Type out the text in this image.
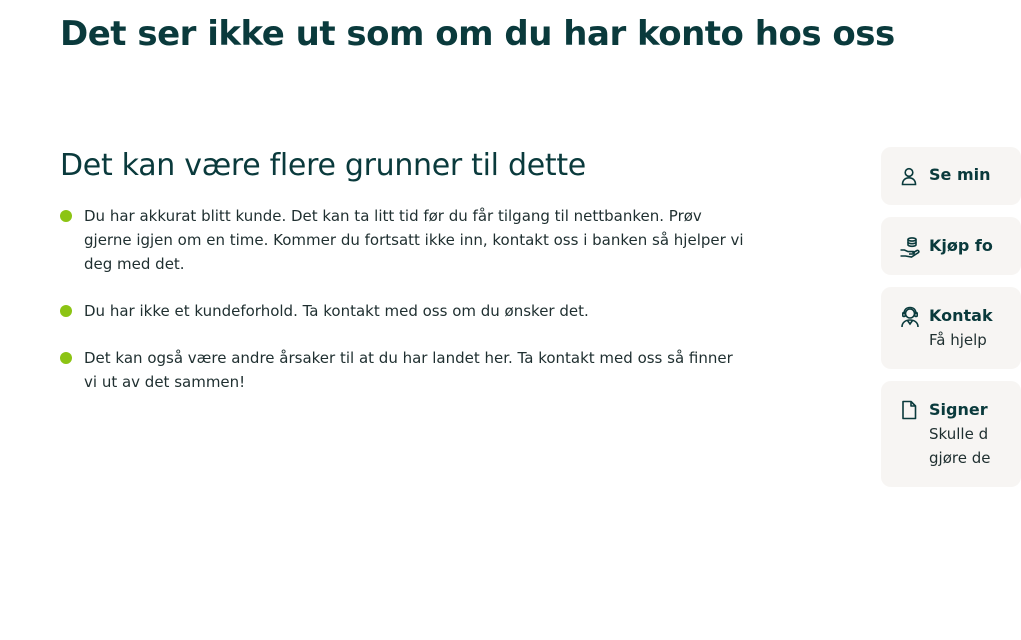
Det ser ikke ut som om du har konto hos oss
Det kan være flere grunner til dette
Du har akkurat blitt kunde. Det kan ta litt tid før du får tilgang til nettbanken. Prøv gjerne igjen om en time. Kommer du fortsatt ikke inn, kontakt oss i banken så hjelper vi deg med det.
Du har ikke et kundeforhold. Ta kontakt med oss om du ønsker det.
Det kan også være andre årsaker til at du har landet her. Ta kontakt med oss så finner vi ut av det sammen!
Se min
Kjøp fo
Kontak
Få hjelp
Signer
Skulle d
gjøre de
